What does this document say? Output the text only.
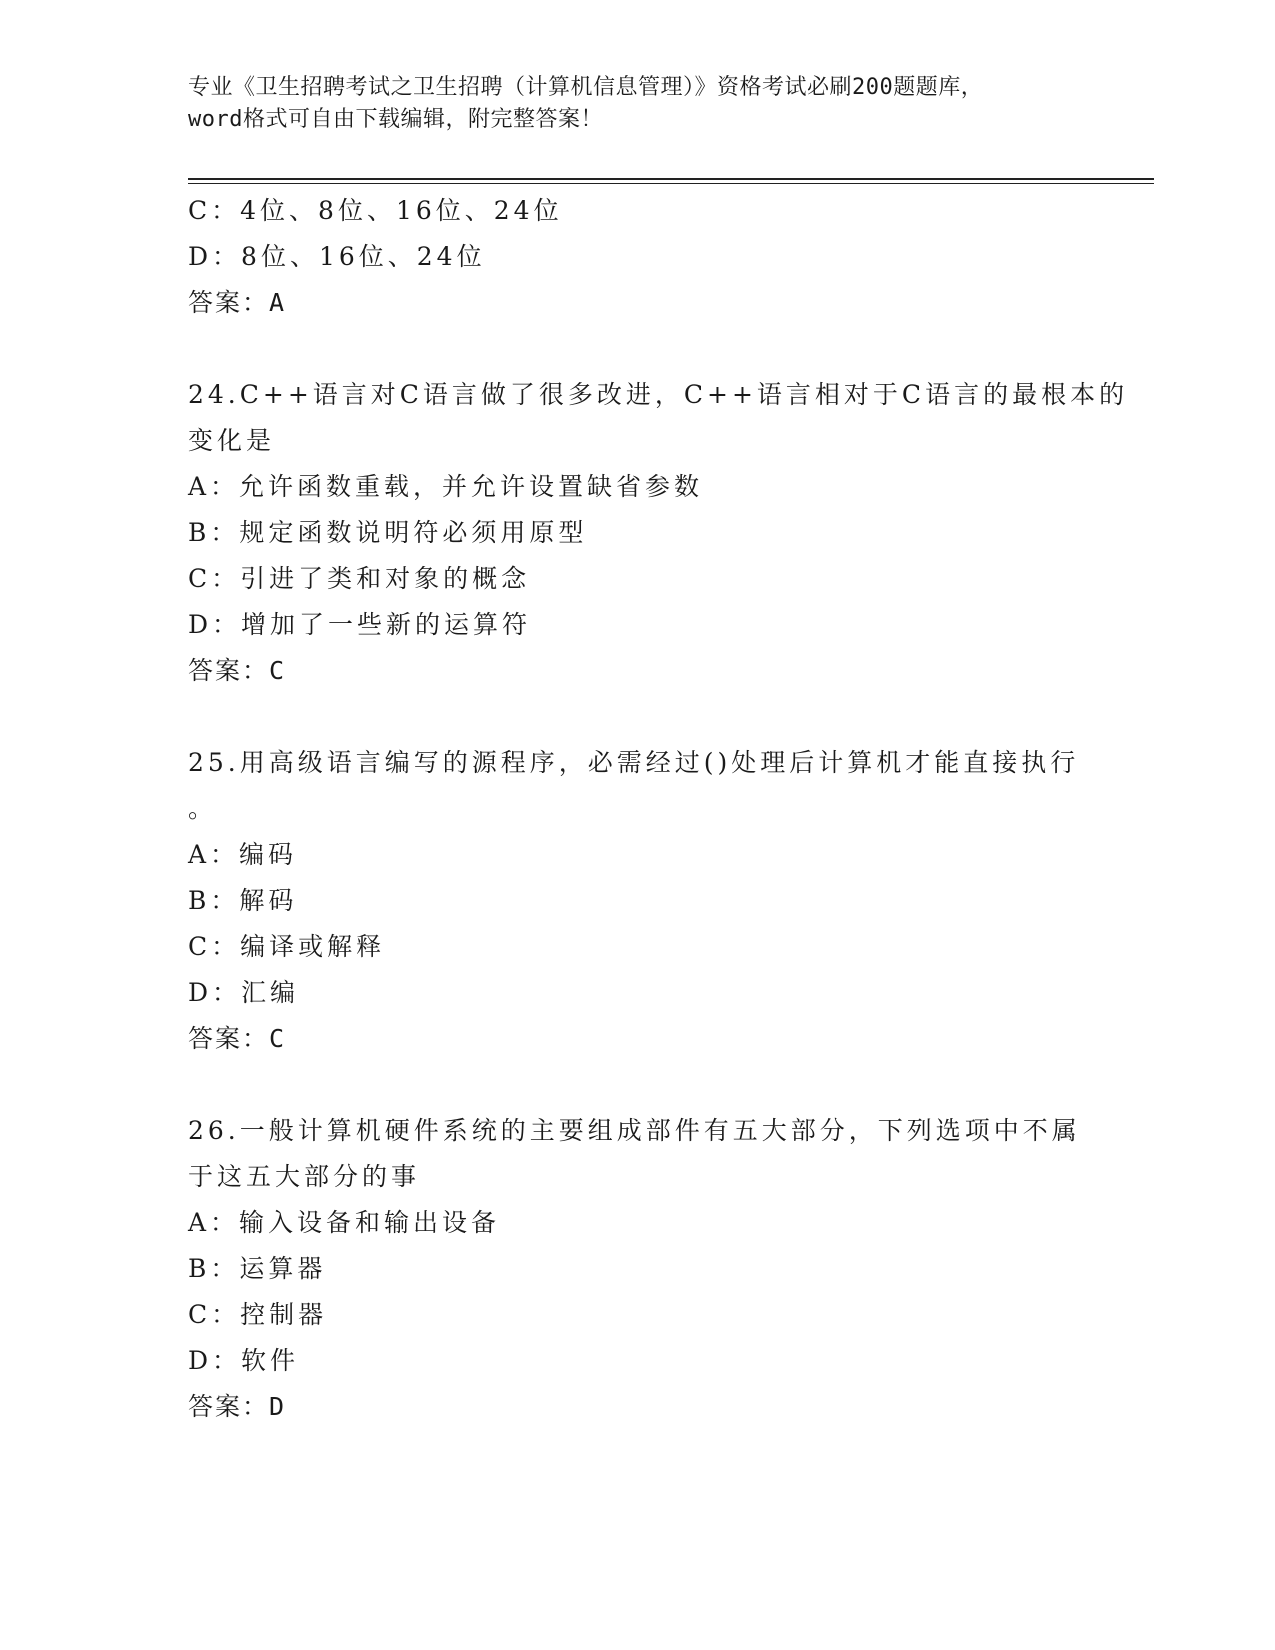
专业《卫生招聘考试之卫生招聘（计算机信息管理）》资格考试必刷200题题库，
word格式可自由下载编辑，附完整答案！
C：4位、8位、16位、24位
D：8位、16位、24位
答案：A
24.C++语言对C语言做了很多改进，C++语言相对于C语言的最根本的
变化是
A：允许函数重载，并允许设置缺省参数
B：规定函数说明符必须用原型
C：引进了类和对象的概念
D：增加了一些新的运算符
答案：C
25.用高级语言编写的源程序，必需经过()处理后计算机才能直接执行
。
A：编码
B：解码
C：编译或解释
D：汇编
答案：C
26.一般计算机硬件系统的主要组成部件有五大部分，下列选项中不属
于这五大部分的事
A：输入设备和输出设备
B：运算器
C：控制器
D：软件
答案：D
